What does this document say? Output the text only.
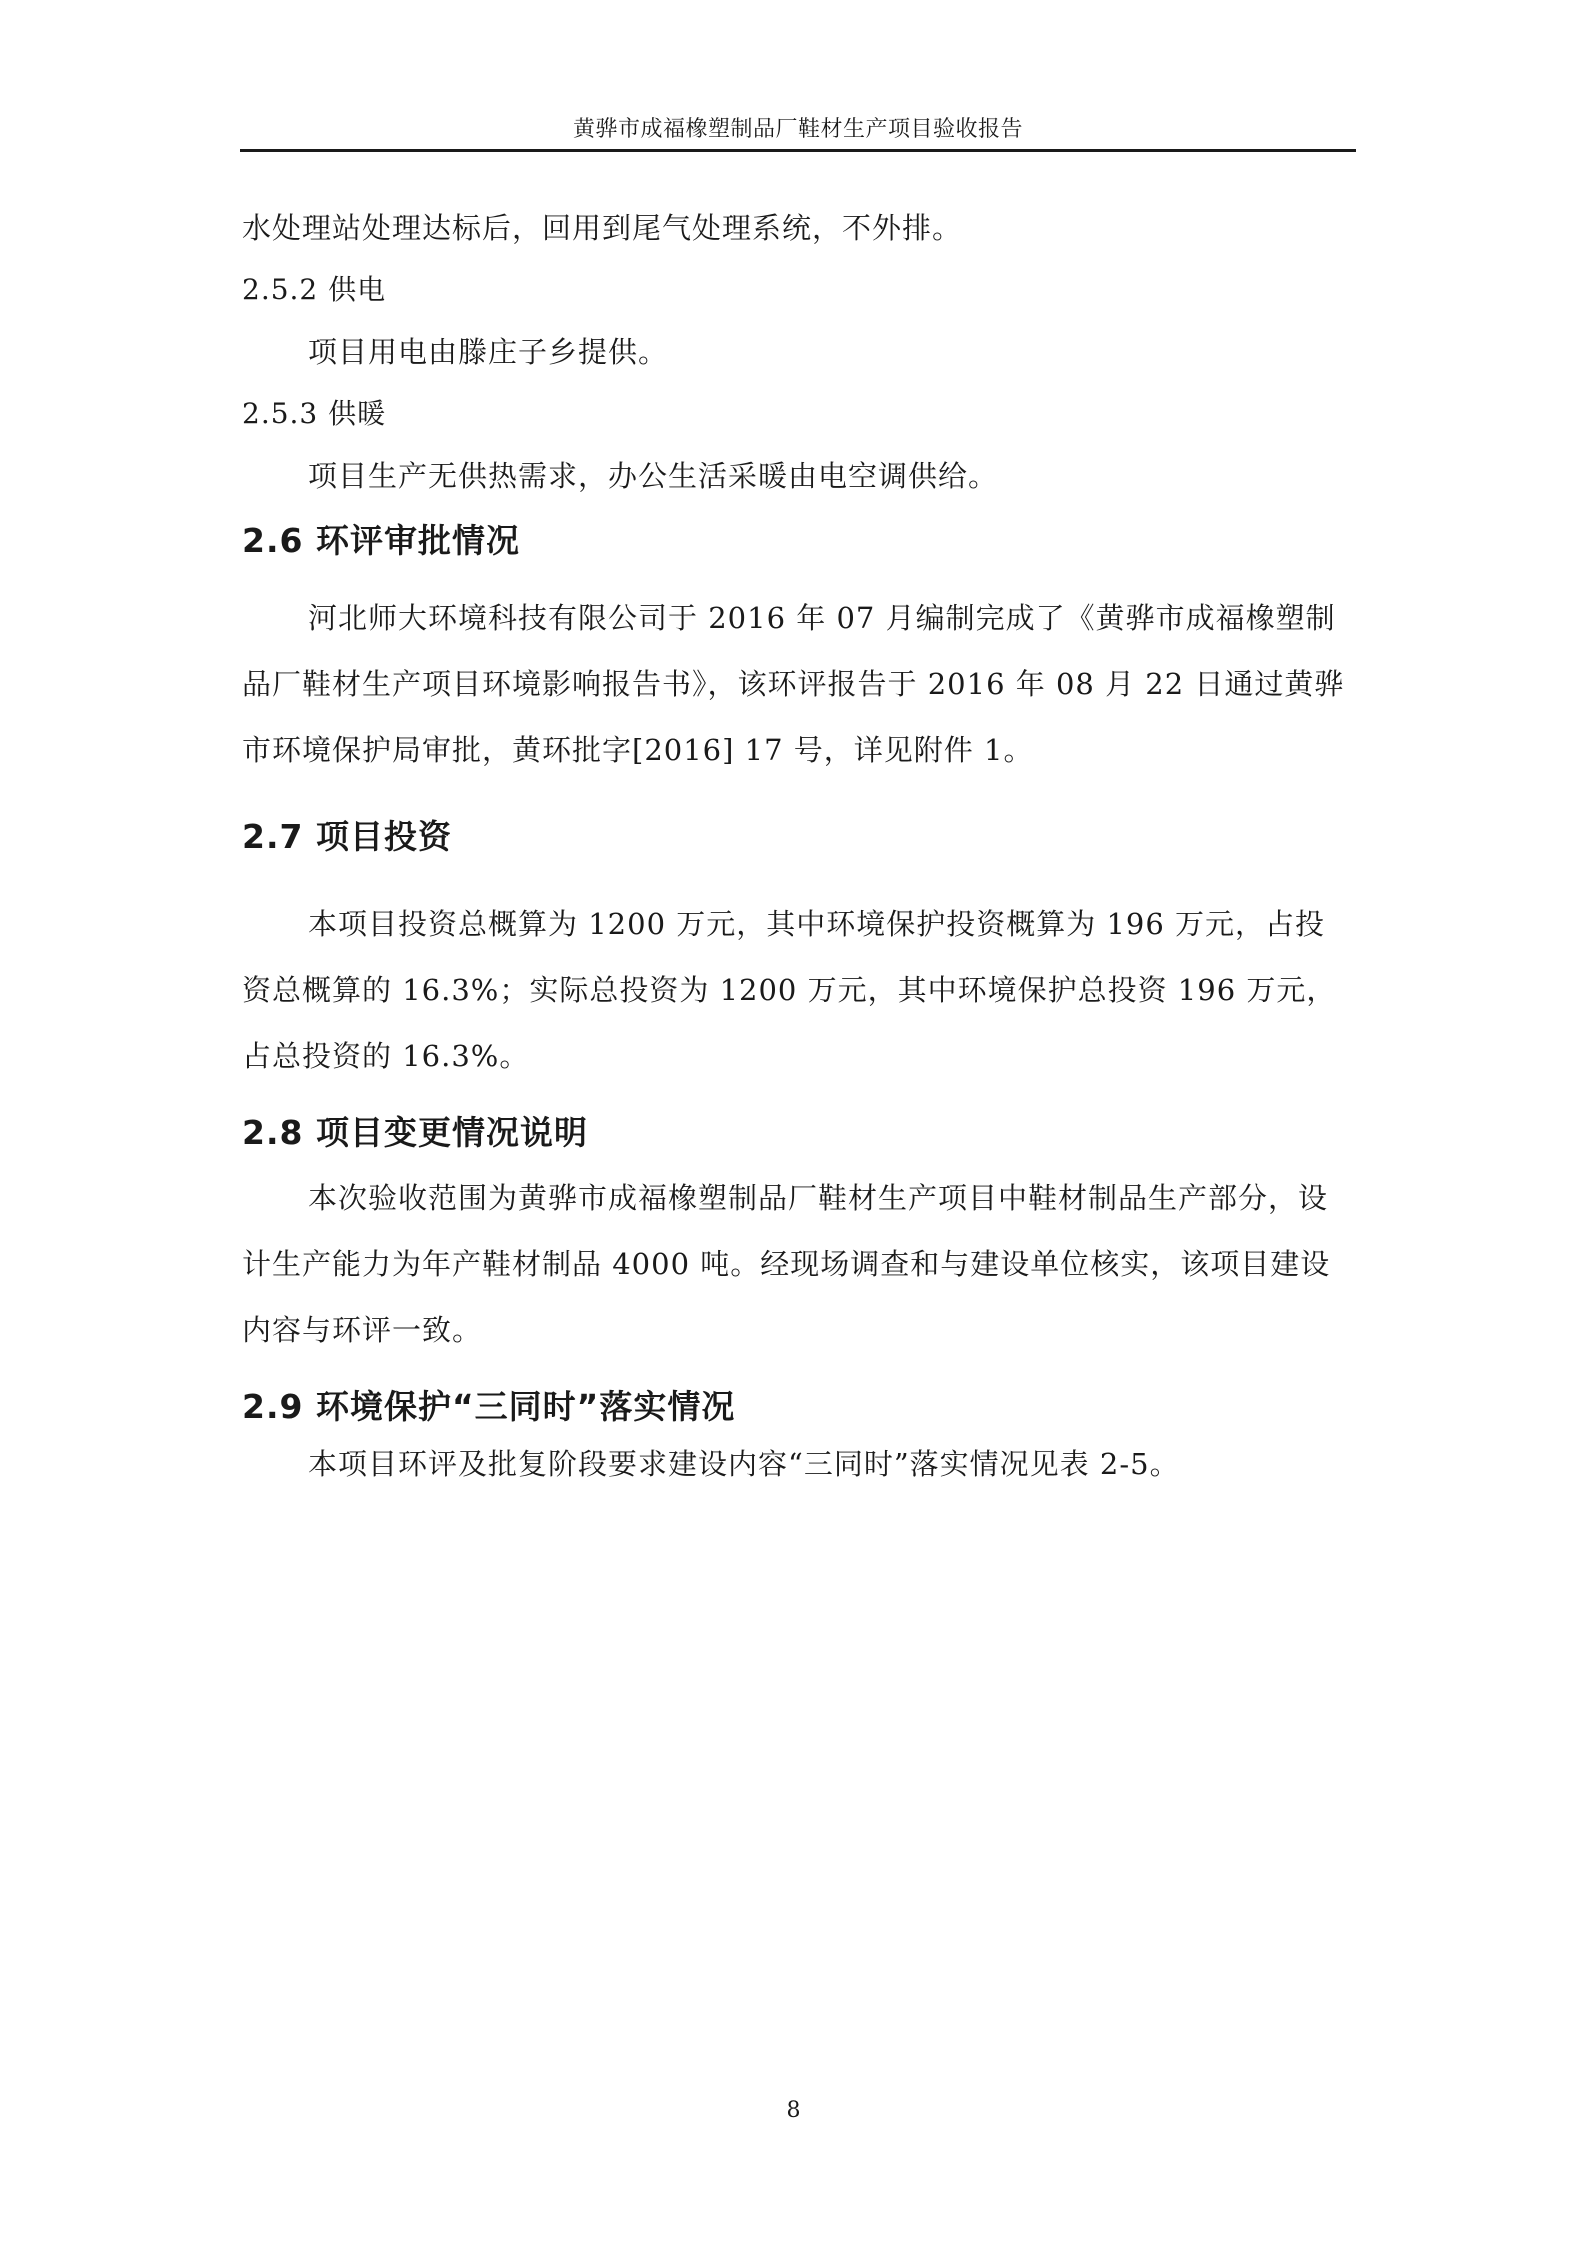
黄骅市成福橡塑制品厂鞋材生产项目验收报告

水处理站处理达标后，回用到尾气处理系统，不外排。

2.5.2 供电

项目用电由滕庄子乡提供。

2.5.3 供暖

项目生产无供热需求，办公生活采暖由电空调供给。

2.6 环评审批情况

河北师大环境科技有限公司于 2016 年 07 月编制完成了《黄骅市成福橡塑制品厂鞋材生产项目环境影响报告书》，该环评报告于 2016 年 08 月 22 日通过黄骅市环境保护局审批，黄环批字[2016] 17 号，详见附件 1。

2.7 项目投资

本项目投资总概算为 1200 万元，其中环境保护投资概算为 196 万元，占投资总概算的 16.3%；实际总投资为 1200 万元，其中环境保护总投资 196 万元，占总投资的 16.3%。

2.8 项目变更情况说明

本次验收范围为黄骅市成福橡塑制品厂鞋材生产项目中鞋材制品生产部分，设计生产能力为年产鞋材制品 4000 吨。经现场调查和与建设单位核实，该项目建设内容与环评一致。

2.9 环境保护“三同时”落实情况

本项目环评及批复阶段要求建设内容“三同时”落实情况见表 2-5。

8
